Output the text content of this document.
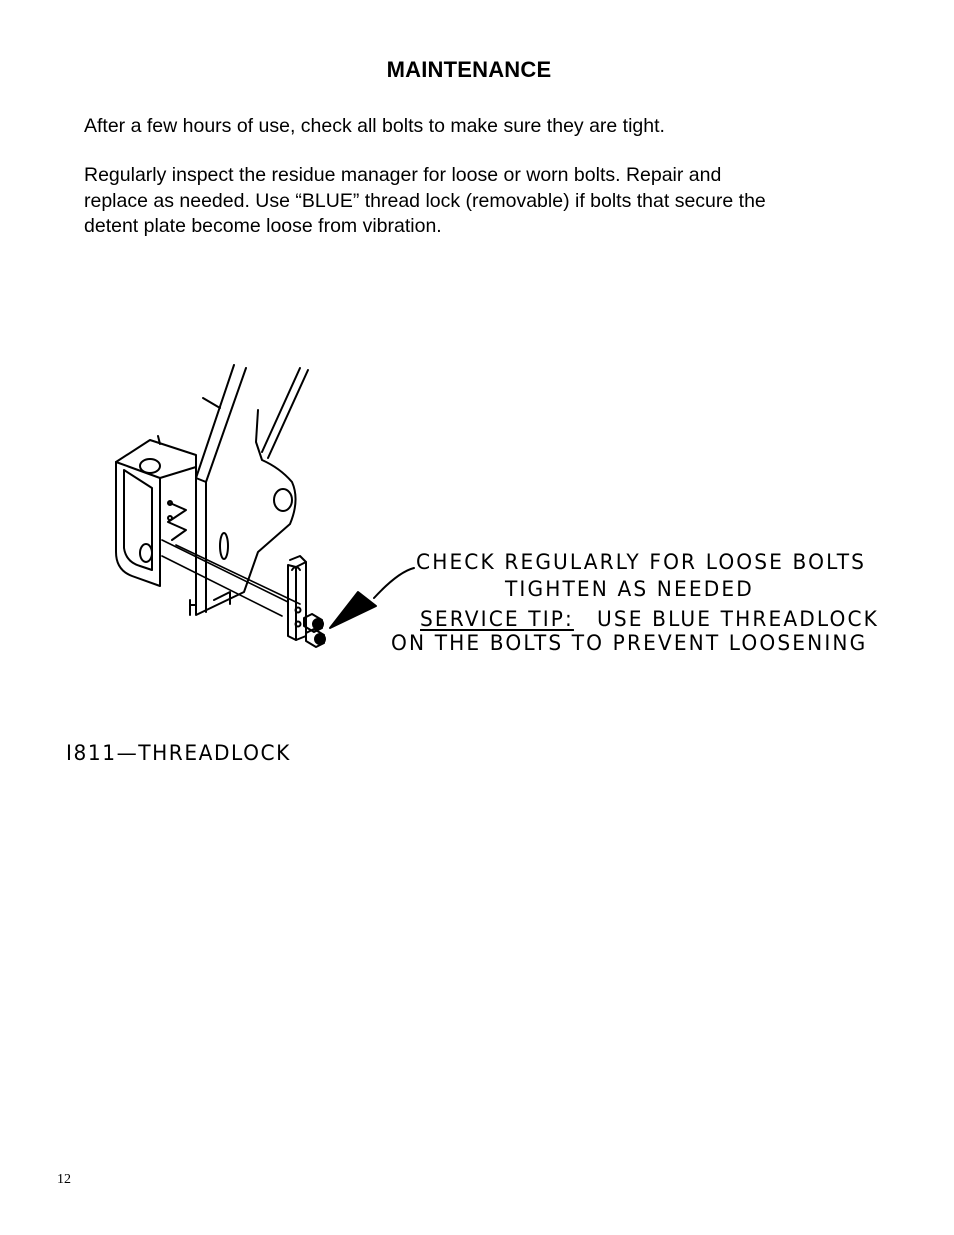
MAINTENANCE
After a few hours of use, check all bolts to make sure they are tight.
Regularly inspect the residue manager for loose or worn bolts. Repair and
replace as needed. Use “BLUE” thread lock (removable) if bolts that secure the
detent plate become loose from vibration.
CHECK REGULARLY FOR LOOSE BOLTS
TIGHTEN AS NEEDED
SERVICE TIP: USE BLUE THREADLOCK
ON THE BOLTS TO PREVENT LOOSENING
I811—THREADLOCK
12
